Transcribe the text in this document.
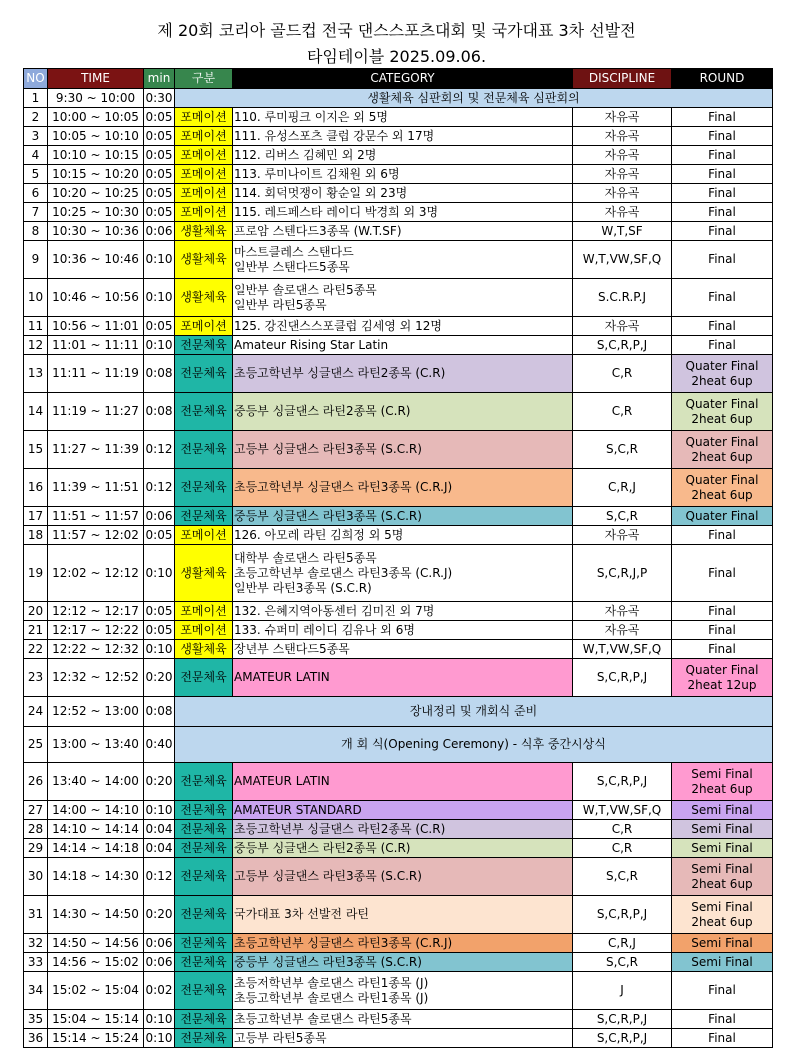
제 20회 코리아 골드컵 전국 댄스스포츠대회 및 국가대표 3차 선발전
타임테이블 2025.09.06.
NO	TIME	min	구분	CATEGORY	DISCIPLINE	ROUND
1	9:30 ~ 10:00	0:30	생활체육 심판회의 및 전문체육 심판회의			
2	10:00 ~ 10:05	0:05	포메이션	110. 루미핑크 이지은 외 5명	자유곡	Final

3	10:05 ~ 10:10	0:05	포메이션	111. 유성스포츠 클럽 강문수 외 17명	자유곡	Final

4	10:10 ~ 10:15	0:05	포메이션	112. 리버스 김혜민 외 2명	자유곡	Final

5	10:15 ~ 10:20	0:05	포메이션	113. 루미나이트 김채원 외 6명	자유곡	Final

6	10:20 ~ 10:25	0:05	포메이션	114. 회덕멋쟁이 황순일 외 23명	자유곡	Final

7	10:25 ~ 10:30	0:05	포메이션	115. 레드페스타 레이디 박경희 외 3명	자유곡	Final

8	10:30 ~ 10:36	0:06	생활체육	프로암 스텐다드3종목 (W.T.SF)	W,T,SF	Final

9	10:36 ~ 10:46	0:10	생활체육	마스트클레스 스탠다드
일반부 스탠다드5종목	W,T,VW,SF,Q	Final

10	10:46 ~ 10:56	0:10	생활체육	일반부 솔로댄스 라틴5종목
일반부 라틴5종목	S.C.R.P.J	Final

11	10:56 ~ 11:01	0:05	포메이션	125. 강진댄스스포클럽 김세영 외 12명	자유곡	Final

12	11:01 ~ 11:11	0:10	전문체육	Amateur Rising Star Latin	S,C,R,P,J	Final

13	11:11 ~ 11:19	0:08	전문체육	초등고학년부 싱글댄스 라틴2종목 (C.R)	C,R	Quater Final
2heat 6up

14	11:19 ~ 11:27	0:08	전문체육	중등부 싱글댄스 라틴2종목 (C.R)	C,R	Quater Final
2heat 6up

15	11:27 ~ 11:39	0:12	전문체육	고등부 싱글댄스 라틴3종목 (S.C.R)	S,C,R	Quater Final
2heat 6up

16	11:39 ~ 11:51	0:12	전문체육	초등고학년부 싱글댄스 라틴3종목 (C.R.J)	C,R,J	Quater Final
2heat 6up

17	11:51 ~ 11:57	0:06	전문체육	중등부 싱글댄스 라틴3종목 (S.C.R)	S,C,R	Quater Final

18	11:57 ~ 12:02	0:05	포메이션	126. 아모레 라틴 김희정 외 5명	자유곡	Final

19	12:02 ~ 12:12	0:10	생활체육	대학부 솔로댄스 라틴5종목
초등고학년부 솔로댄스 라틴3종목 (C.R.J)
일반부 라틴3종목 (S.C.R)	S,C,R,J,P	Final

20	12:12 ~ 12:17	0:05	포메이션	132. 은혜지역아동센터 김미진 외 7명	자유곡	Final

21	12:17 ~ 12:22	0:05	포메이션	133. 슈퍼미 레이디 김유나 외 6명	자유곡	Final

22	12:22 ~ 12:32	0:10	생활체육	장년부 스탠다드5종목	W,T,VW,SF,Q	Final

23	12:32 ~ 12:52	0:20	전문체육	AMATEUR LATIN	S,C,R,P,J	Quater Final
2heat 12up

24	12:52 ~ 13:00	0:08	장내정리 및 개회식 준비			
25	13:00 ~ 13:40	0:40	개 회 식(Opening Ceremony) - 식후 중간시상식			
26	13:40 ~ 14:00	0:20	전문체육	AMATEUR LATIN	S,C,R,P,J	Semi Final
2heat 6up

27	14:00 ~ 14:10	0:10	전문체육	AMATEUR STANDARD	W,T,VW,SF,Q	Semi Final

28	14:10 ~ 14:14	0:04	전문체육	초등고학년부 싱글댄스 라틴2종목 (C.R)	C,R	Semi Final

29	14:14 ~ 14:18	0:04	전문체육	중등부 싱글댄스 라틴2종목 (C.R)	C,R	Semi Final

30	14:18 ~ 14:30	0:12	전문체육	고등부 싱글댄스 라틴3종목 (S.C.R)	S,C,R	Semi Final
2heat 6up

31	14:30 ~ 14:50	0:20	전문체육	국가대표 3차 선발전 라틴	S,C,R,P,J	Semi Final
2heat 6up

32	14:50 ~ 14:56	0:06	전문체육	초등고학년부 싱글댄스 라틴3종목 (C.R.J)	C,R,J	Semi Final

33	14:56 ~ 15:02	0:06	전문체육	중등부 싱글댄스 라틴3종목 (S.C.R)	S,C,R	Semi Final

34	15:02 ~ 15:04	0:02	전문체육	초등저학년부 솔로댄스 라틴1종목 (J)
초등고학년부 솔로댄스 라틴1종목 (J)	J	Final

35	15:04 ~ 15:14	0:10	전문체육	초등고학년부 솔로댄스 라틴5종목	S,C,R,P,J	Final

36	15:14 ~ 15:24	0:10	전문체육	고등부 라틴5종목	S,C,R,P,J	Final
